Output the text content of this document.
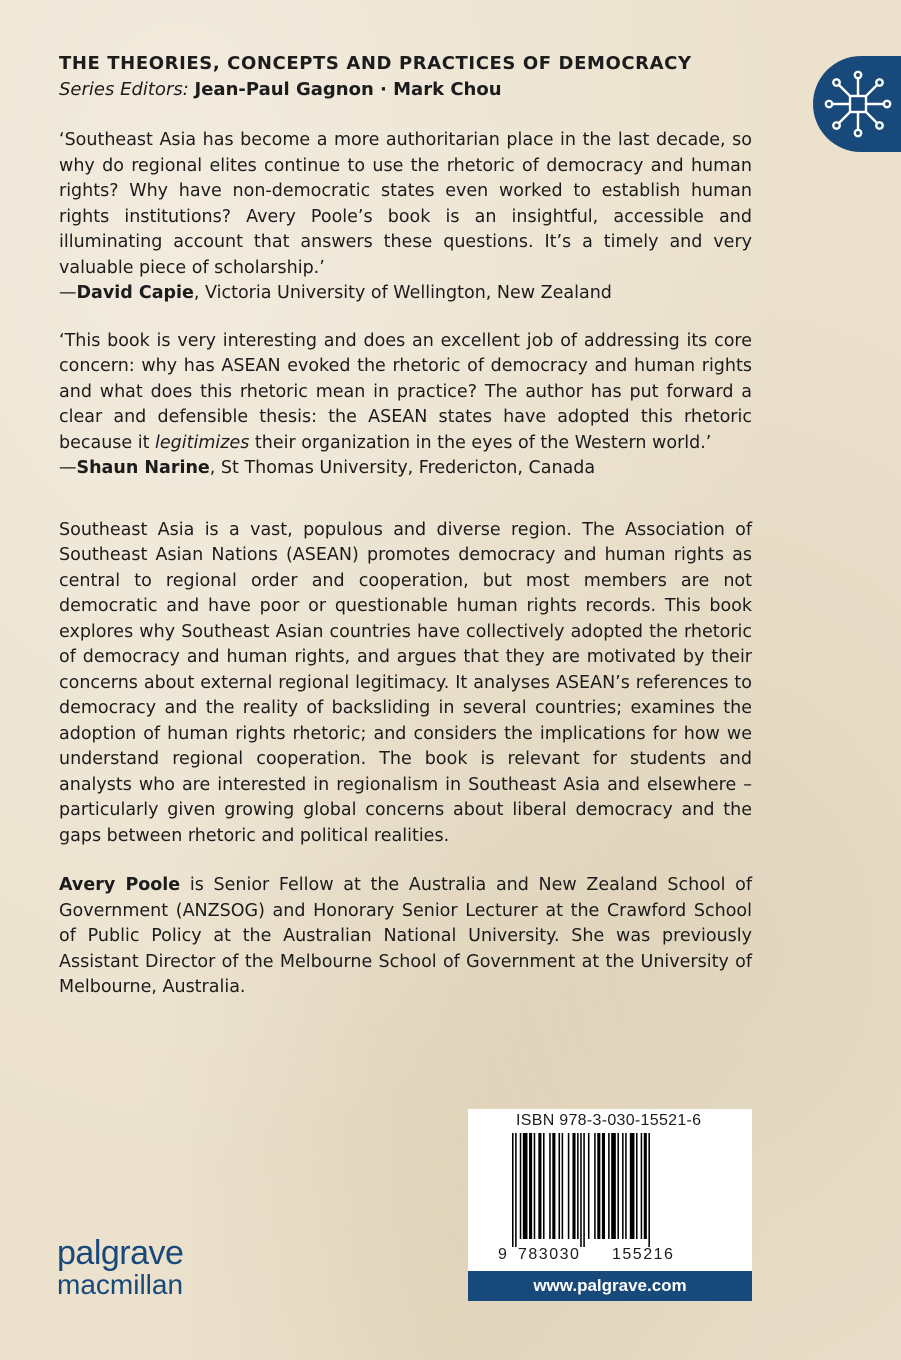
THE THEORIES, CONCEPTS AND PRACTICES OF DEMOCRACY

Series Editors: Jean-Paul Gagnon · Mark Chou

‘Southeast Asia has become a more authoritarian place in the last decade, so why do regional elites continue to use the rhetoric of democracy and human rights? Why have non-democratic states even worked to establish human rights institutions? Avery Poole’s book is an insightful, accessible and illuminating account that answers these questions. It’s a timely and very valuable piece of scholarship.’

—David Capie, Victoria University of Wellington, New Zealand

‘This book is very interesting and does an excellent job of addressing its core concern: why has ASEAN evoked the rhetoric of democracy and human rights and what does this rhetoric mean in practice? The author has put forward a clear and defensible thesis: the ASEAN states have adopted this rhetoric because it legitimizes their organization in the eyes of the Western world.’

—Shaun Narine, St Thomas University, Fredericton, Canada

Southeast Asia is a vast, populous and diverse region. The Association of Southeast Asian Nations (ASEAN) promotes democracy and human rights as central to regional order and cooperation, but most members are not democratic and have poor or questionable human rights records. This book explores why Southeast Asian countries have collectively adopted the rhetoric of democracy and human rights, and argues that they are motivated by their concerns about external regional legitimacy. It analyses ASEAN’s references to democracy and the reality of backsliding in several countries; examines the adoption of human rights rhetoric; and considers the implications for how we understand regional cooperation. The book is relevant for students and analysts who are interested in regionalism in Southeast Asia and elsewhere – particularly given growing global concerns about liberal democracy and the gaps between rhetoric and political realities.

Avery Poole is Senior Fellow at the Australia and New Zealand School of Government (ANZSOG) and Honorary Senior Lecturer at the Crawford School of Public Policy at the Australian National University. She was previously Assistant Director of the Melbourne School of Government at the University of Melbourne, Australia.

ISBN 978-3-030-15521-6
9 783030 155216
www.palgrave.com
palgrave
macmillan
